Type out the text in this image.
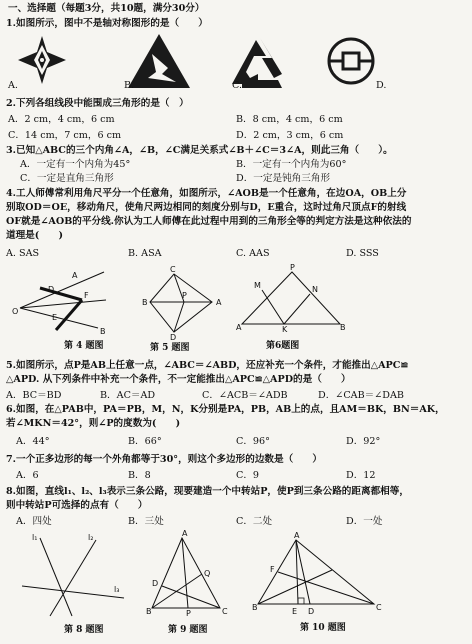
一、选择题（每题3分，共10题，满分30分）
1.如图所示，图中不是轴对称图形的是（　　）
A.	B.	C.	D.
2.下列各组线段中能围成三角形的是（　）
A．2 cm，4 cm，6 cm	B．8 cm，4 cm，6 cm
C．14 cm，7 cm，6 cm	D．2 cm，3 cm，6 cm
3.已知△ABC的三个内角∠A，∠B，∠C满足关系式∠B＋∠C＝3∠A，则此三角（　　）。
A．一定有一个内角为45°	B．一定有一个内角为60°
C．一定是直角三角形	D．一定是钝角三角形
4.工人师傅常利用角尺平分一个任意角，如图所示，∠AOB是一个任意角，在边OA，OB上分
别取OD＝OE，移动角尺，使角尺两边相同的刻度分别与D，E重合，这时过角尺顶点F的射线
OF就是∠AOB的平分线.你认为工人师傅在此过程中用到的三角形全等的判定方法是这种依法的
道理是(　　)
A. SAS	B. ASA	C. AAS	D. SSS
A
D
F
O
E
B
第 4 题图
C
A
P
B
D
第 5 题图
P
M	N
A	K	B
第6题图
5.如图所示，点P是AB上任意一点，∠ABC＝∠ABD，还应补充一个条件，才能推出△APC≌
△APD. 从下列条件中补充一个条件，不一定能推出△APC≌△APD的是（　　）
A．BC＝BD	B．AC＝AD	C．∠ACB＝∠ADB	D．∠CAB＝∠DAB
6.如图，在△PAB中，PA＝PB，M，N，K分别是PA，PB，AB上的点，且AM＝BK，BN＝AK，
若∠MKN＝42°，则∠P的度数为(　　)
A．44°	B．66°	C．96°	D．92°
7.一个正多边形的每一个外角都等于30°，则这个多边形的边数是（　　）
A．6	B．8	C．9	D．12
8.如图，直线l₁、l₂、l₃表示三条公路，现要建造一个中转站P，使P到三条公路的距离都相等，
则中转站P可选择的点有（　　）
A．四处	B．三处	C．二处	D．一处
l₁	l₂
l₃
第 8 题图
A
D
Q
B	P	C
第 9 题图
A
F
B	E D	C
第 10 题图
